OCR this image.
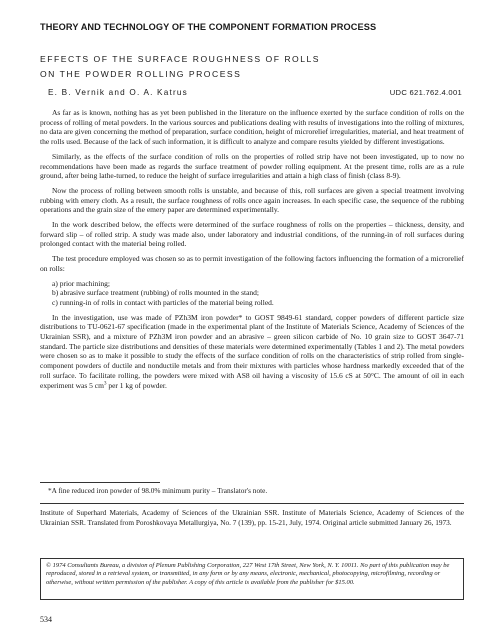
THEORY AND TECHNOLOGY OF THE COMPONENT FORMATION PROCESS
EFFECTS OF THE SURFACE ROUGHNESS OF ROLLS
ON THE POWDER ROLLING PROCESS
E. B. Vernik and O. A. Katrus	UDC 621.762.4.001

As far as is known, nothing has as yet been published in the literature on the influence exerted by the surface condition of rolls on the process of rolling of metal powders. In the various sources and publications dealing with results of investigations into the rolling of mixtures, no data are given concerning the method of preparation, surface condition, height of microrelief irregularities, material, and heat treatment of the rolls used. Because of the lack of such information, it is difficult to analyze and compare results yielded by different investigations.

Similarly, as the effects of the surface condition of rolls on the properties of rolled strip have not been investigated, up to now no recommendations have been made as regards the surface treatment of powder rolling equipment. At the present time, rolls are as a rule ground, after being lathe-turned, to reduce the height of surface irregularities and attain a high class of finish (class 8-9).

Now the process of rolling between smooth rolls is unstable, and because of this, roll surfaces are given a special treatment involving rubbing with emery cloth. As a result, the surface roughness of rolls once again increases. In each specific case, the sequence of the rubbing operations and the grain size of the emery paper are determined experimentally.

In the work described below, the effects were determined of the surface roughness of rolls on the properties – thickness, density, and forward slip – of rolled strip. A study was made also, under laboratory and industrial conditions, of the running-in of roll surfaces during prolonged contact with the material being rolled.

The test procedure employed was chosen so as to permit investigation of the following factors influencing the formation of a microrelief on rolls:

a) prior machining;

b) abrasive surface treatment (rubbing) of rolls mounted in the stand;

c) running-in of rolls in contact with particles of the material being rolled.

In the investigation, use was made of PZh3M iron powder* to GOST 9849-61 standard, copper powders of different particle size distributions to TU-0621-67 specification (made in the experimental plant of the Institute of Materials Science, Academy of Sciences of the Ukrainian SSR), and a mixture of PZh3M iron powder and an abrasive – green silicon carbide of No. 10 grain size to GOST 3647-71 standard. The particle size distributions and densities of these materials were determined experimentally (Tables 1 and 2). The metal powders were chosen so as to make it possible to study the effects of the surface condition of rolls on the characteristics of strip rolled from single-component powders of ductile and nonductile metals and from their mixtures with particles whose hardness markedly exceeded that of the roll surface. To facilitate rolling, the powders were mixed with AS8 oil having a viscosity of 15.6 cS at 50°C. The amount of oil in each experiment was 5 $cm^3$ per 1 kg of powder.

*A fine reduced iron powder of 98.0% minimum purity – Translator's note.
Institute of Superhard Materials, Academy of Sciences of the Ukrainian SSR. Institute of Materials Science, Academy of Sciences of the Ukrainian SSR. Translated from Poroshkovaya Metallurgiya, No. 7 (139), pp. 15-21, July, 1974. Original article submitted January 26, 1973.
© 1974 Consultants Bureau, a division of Plenum Publishing Corporation, 227 West 17th Street, New York, N. Y. 10011. No part of this publication may be reproduced, stored in a retrieval system, or transmitted, in any form or by any means, electronic, mechanical, photocopying, microfilming, recording or otherwise, without written permission of the publisher. A copy of this article is available from the publisher for $15.00.
534
